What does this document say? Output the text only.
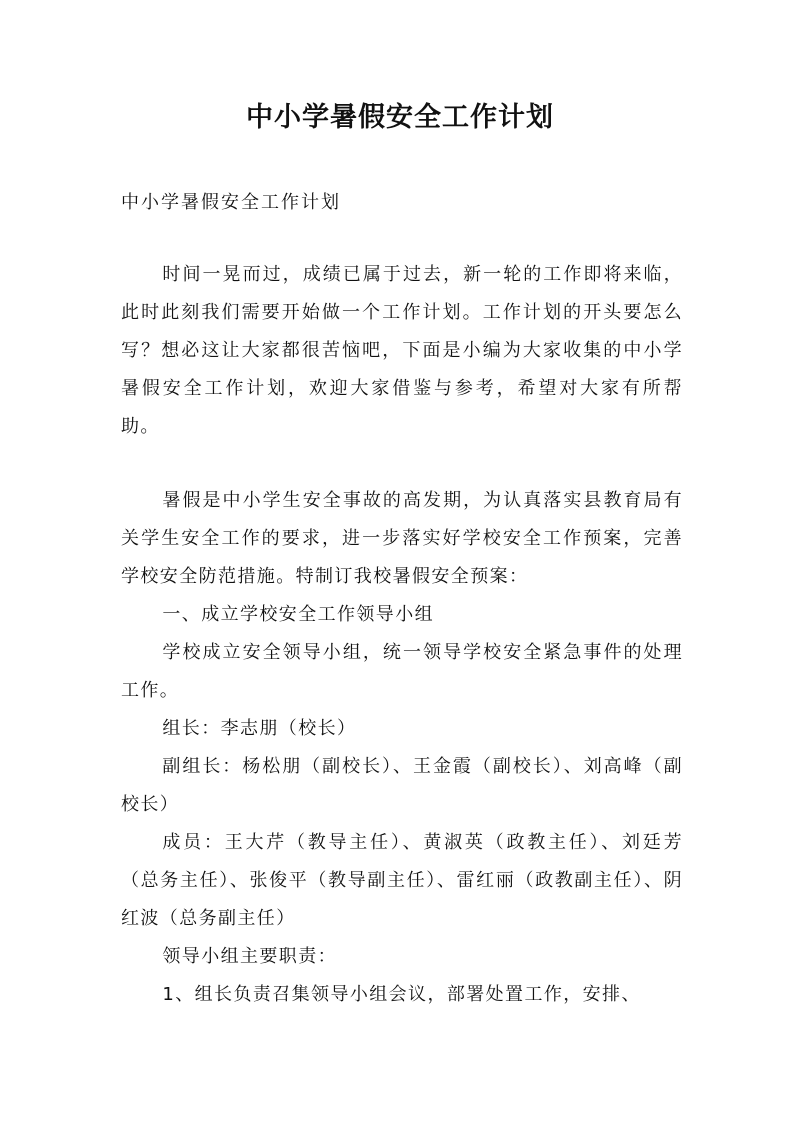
中小学暑假安全工作计划

中小学暑假安全工作计划

时间一晃而过，成绩已属于过去，新一轮的工作即将来临，此时此刻我们需要开始做一个工作计划。工作计划的开头要怎么写？想必这让大家都很苦恼吧，下面是小编为大家收集的中小学暑假安全工作计划，欢迎大家借鉴与参考，希望对大家有所帮助。

暑假是中小学生安全事故的高发期，为认真落实县教育局有关学生安全工作的要求，进一步落实好学校安全工作预案，完善学校安全防范措施。特制订我校暑假安全预案：

一、成立学校安全工作领导小组

学校成立安全领导小组，统一领导学校安全紧急事件的处理工作。

组长：李志朋（校长）

副组长：杨松朋（副校长）、王金霞（副校长）、刘高峰（副校长）

成员：王大芹（教导主任）、黄淑英（政教主任）、刘廷芳（总务主任）、张俊平（教导副主任）、雷红丽（政教副主任）、阴红波（总务副主任）

领导小组主要职责：

1、组长负责召集领导小组会议，部署处置工作，安排、
